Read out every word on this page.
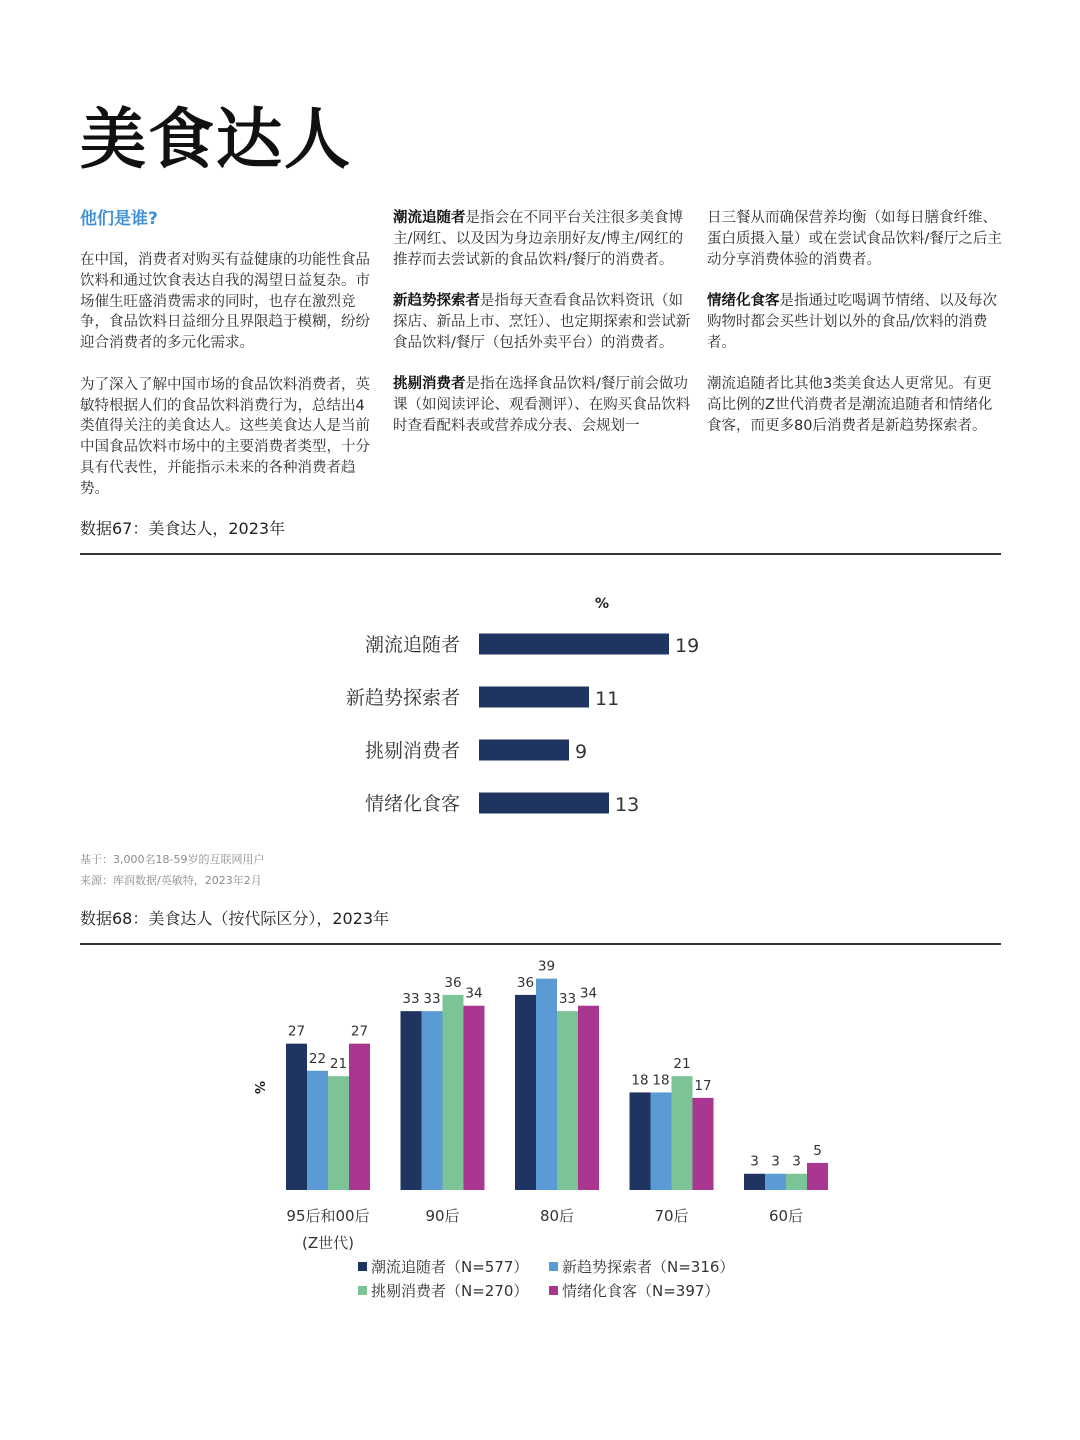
美食达人
他们是谁?

在中国，消费者对购买有益健康的功能性食品饮料和通过饮食表达自我的渴望日益复杂。市场催生旺盛消费需求的同时，也存在激烈竞争，食品饮料日益细分且界限趋于模糊，纷纷迎合消费者的多元化需求。

为了深入了解中国市场的食品饮料消费者，英敏特根据人们的食品饮料消费行为，总结出4类值得关注的美食达人。这些美食达人是当前中国食品饮料市场中的主要消费者类型，十分具有代表性，并能指示未来的各种消费者趋势。

潮流追随者是指会在不同平台关注很多美食博主/网红、以及因为身边亲朋好友/博主/网红的推荐而去尝试新的食品饮料/餐厅的消费者。

新趋势探索者是指每天查看食品饮料资讯（如探店、新品上市、烹饪）、也定期探索和尝试新食品饮料/餐厅（包括外卖平台）的消费者。

挑剔消费者是指在选择食品饮料/餐厅前会做功课（如阅读评论、观看测评）、在购买食品饮料时查看配料表或营养成分表、会规划一

日三餐从而确保营养均衡（如每日膳食纤维、蛋白质摄入量）或在尝试食品饮料/餐厅之后主动分享消费体验的消费者。

情绪化食客是指通过吃喝调节情绪、以及每次购物时都会买些计划以外的食品/饮料的消费者。

潮流追随者比其他3类美食达人更常见。有更高比例的Z世代消费者是潮流追随者和情绪化食客，而更多80后消费者是新趋势探索者。

数据67：美食达人，2023年
%
潮流追随者	19
新趋势探索者	11
挑剔消费者	9
情绪化食客	13
基于：3,000名18-59岁的互联网用户
来源：库润数据/英敏特，2023年2月
数据68：美食达人（按代际区分），2023年
%
27
22 21
27
95后和00后
(Z世代)
33 33
36
34
90后
36
39
33 34
80后
18 18
21
17
70后
3 3 3
5
60后
潮流追随者（N=577） 新趋势探索者（N=316）
挑剔消费者（N=270） 情绪化食客（N=397）
